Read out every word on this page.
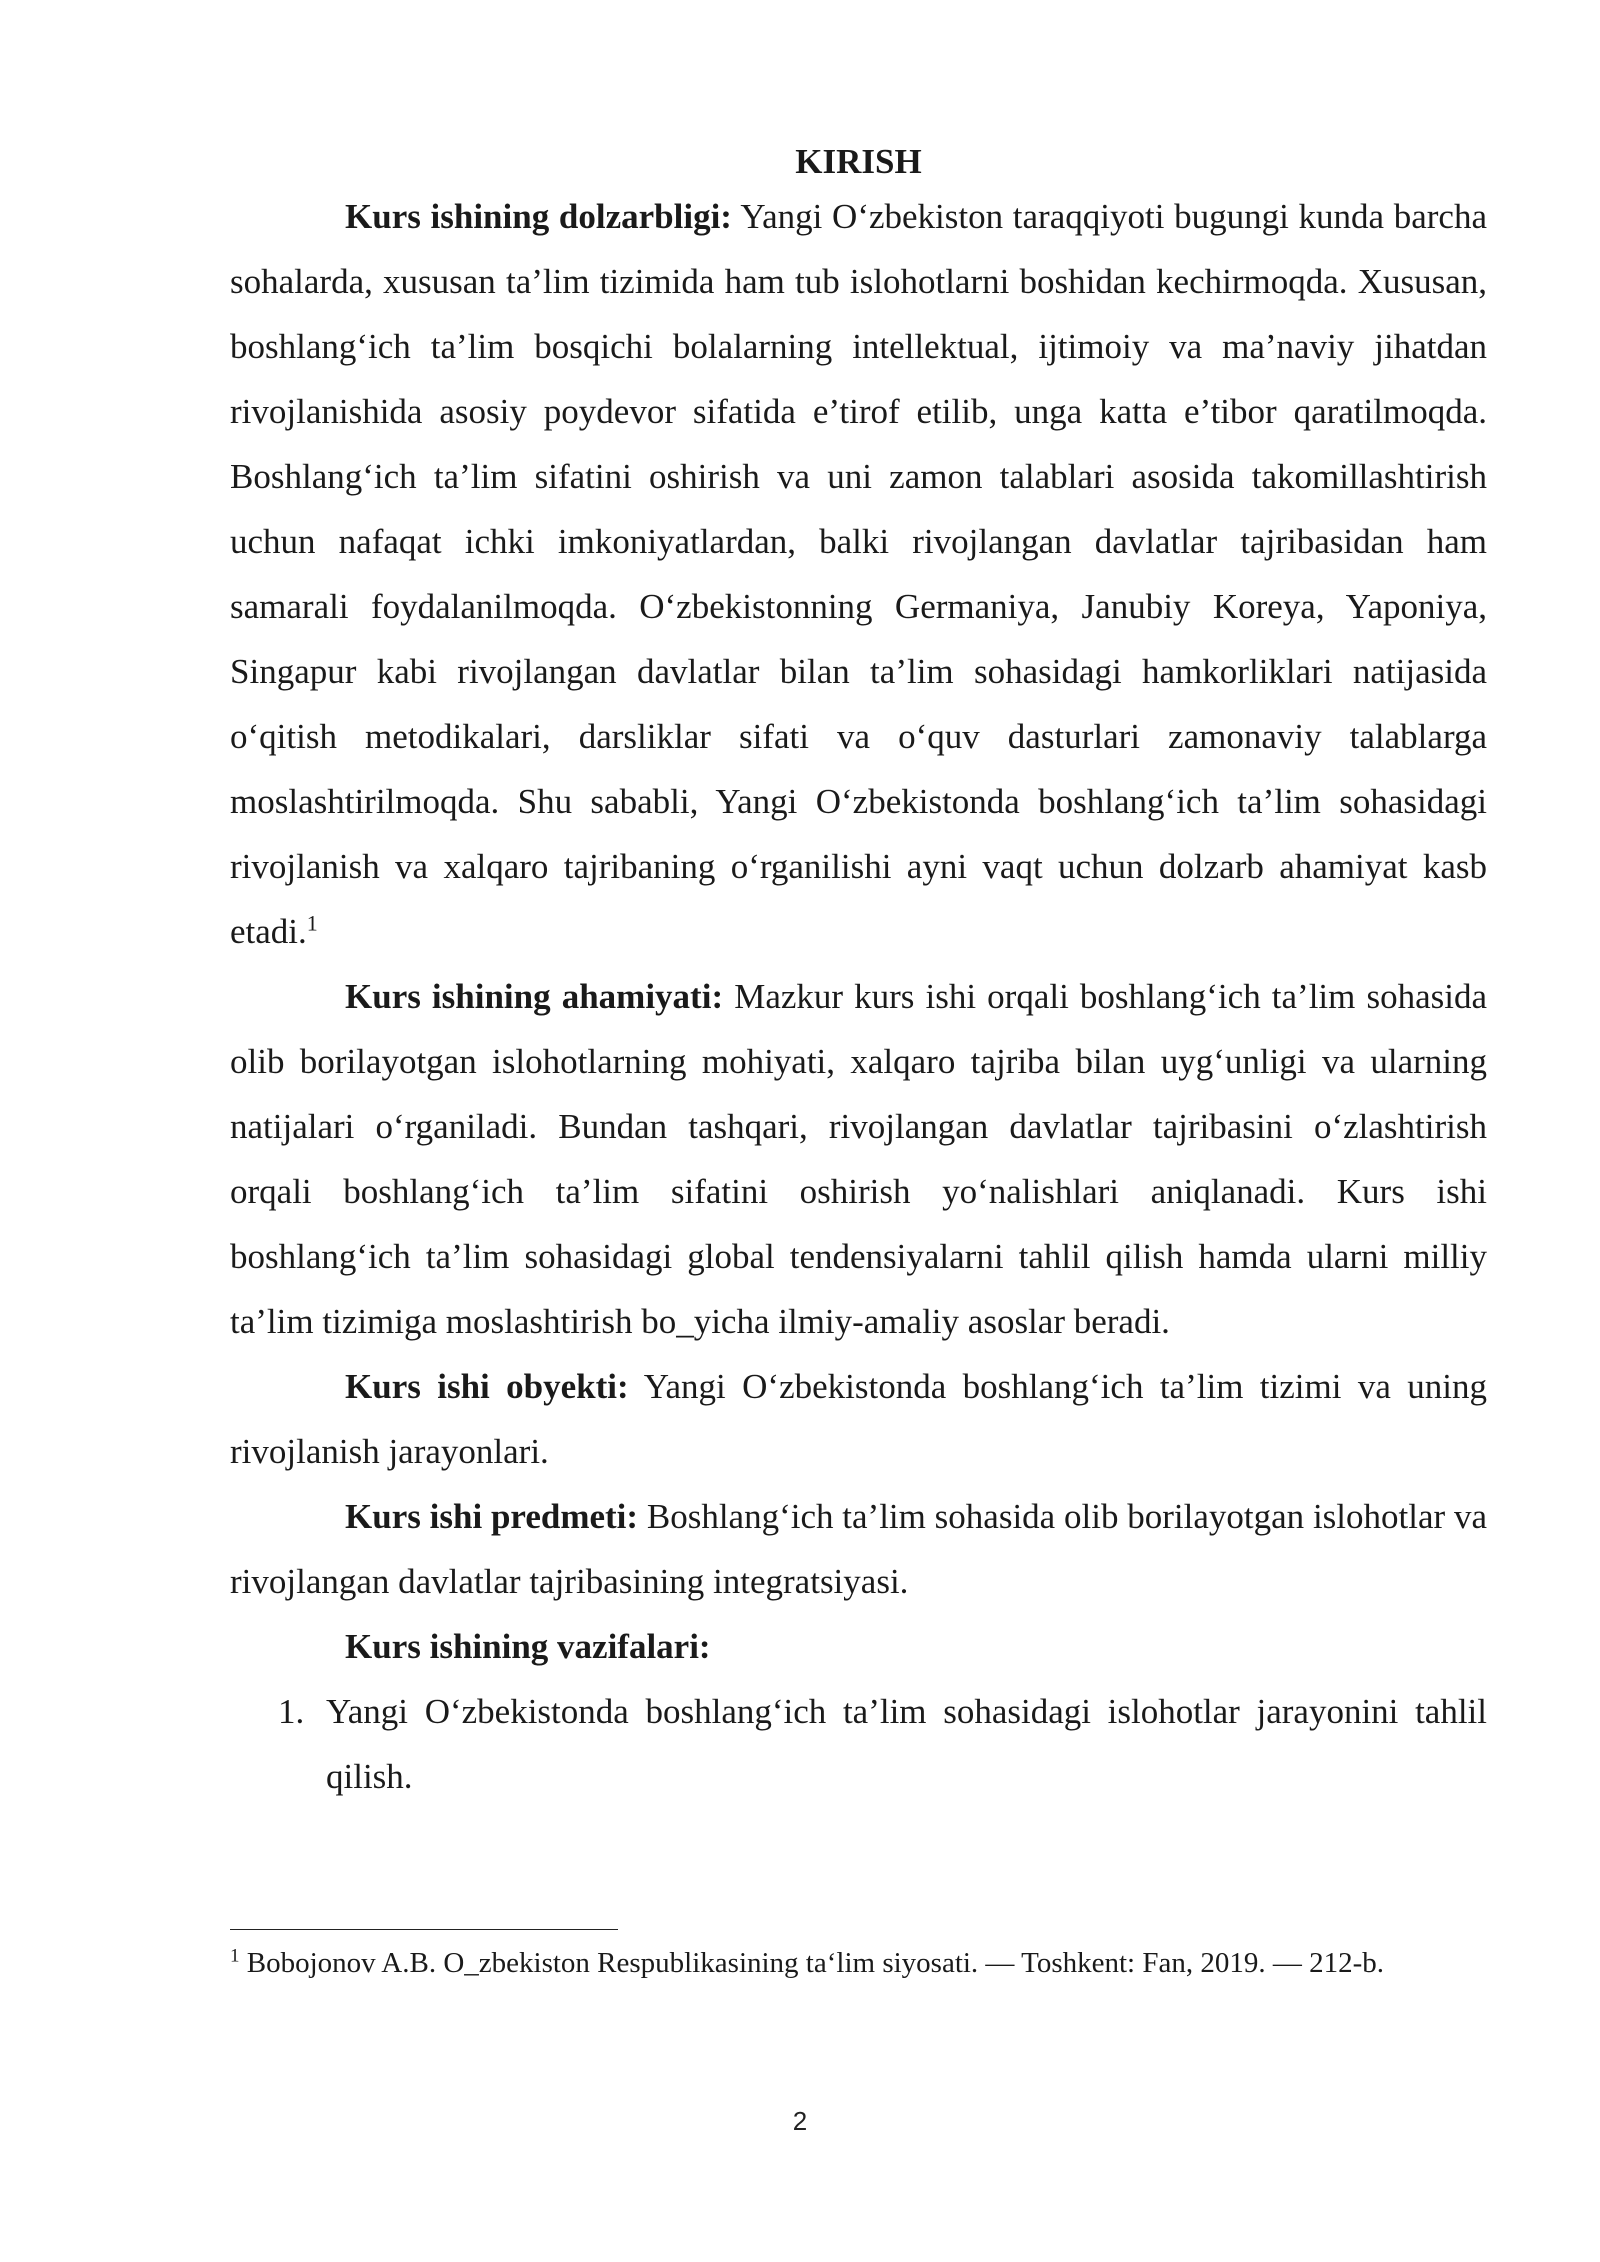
KIRISH

Kurs ishining dolzarbligi: Yangi O‘zbekiston taraqqiyoti bugungi kunda barcha sohalarda, xususan ta’lim tizimida ham tub islohotlarni boshidan kechirmoqda. Xususan, boshlang‘ich ta’lim bosqichi bolalarning intellektual, ijtimoiy va ma’naviy jihatdan rivojlanishida asosiy poydevor sifatida e’tirof etilib, unga katta e’tibor qaratilmoqda. Boshlang‘ich ta’lim sifatini oshirish va uni zamon talablari asosida takomillashtirish uchun nafaqat ichki imkoniyatlardan, balki rivojlangan davlatlar tajribasidan ham samarali foydalanilmoqda. O‘zbekistonning Germaniya, Janubiy Koreya, Yaponiya, Singapur kabi rivojlangan davlatlar bilan ta’lim sohasidagi hamkorliklari natijasida o‘qitish metodikalari, darsliklar sifati va o‘quv dasturlari zamonaviy talablarga moslashtirilmoqda. Shu sababli, Yangi O‘zbekistonda boshlang‘ich ta’lim sohasidagi rivojlanish va xalqaro tajribaning o‘rganilishi ayni vaqt uchun dolzarb ahamiyat kasb etadi.$^1$

Kurs ishining ahamiyati: Mazkur kurs ishi orqali boshlang‘ich ta’lim sohasida olib borilayotgan islohotlarning mohiyati, xalqaro tajriba bilan uyg‘unligi va ularning natijalari o‘rganiladi. Bundan tashqari, rivojlangan davlatlar tajribasini o‘zlashtirish orqali boshlang‘ich ta’lim sifatini oshirish yo‘nalishlari aniqlanadi. Kurs ishi boshlang‘ich ta’lim sohasidagi global tendensiyalarni tahlil qilish hamda ularni milliy ta’lim tizimiga moslashtirish bo_yicha ilmiy-amaliy asoslar beradi.

Kurs ishi obyekti: Yangi O‘zbekistonda boshlang‘ich ta’lim tizimi va uning rivojlanish jarayonlari.

Kurs ishi predmeti: Boshlang‘ich ta’lim sohasida olib borilayotgan islohotlar va rivojlangan davlatlar tajribasining integratsiyasi.

Kurs ishining vazifalari:

1. Yangi O‘zbekistonda boshlang‘ich ta’lim sohasidagi islohotlar jarayonini tahlil qilish.

$^1$ Bobojonov A.B. O_zbekiston Respublikasining ta‘lim siyosati. — Toshkent: Fan, 2019. — 212-b.

2
